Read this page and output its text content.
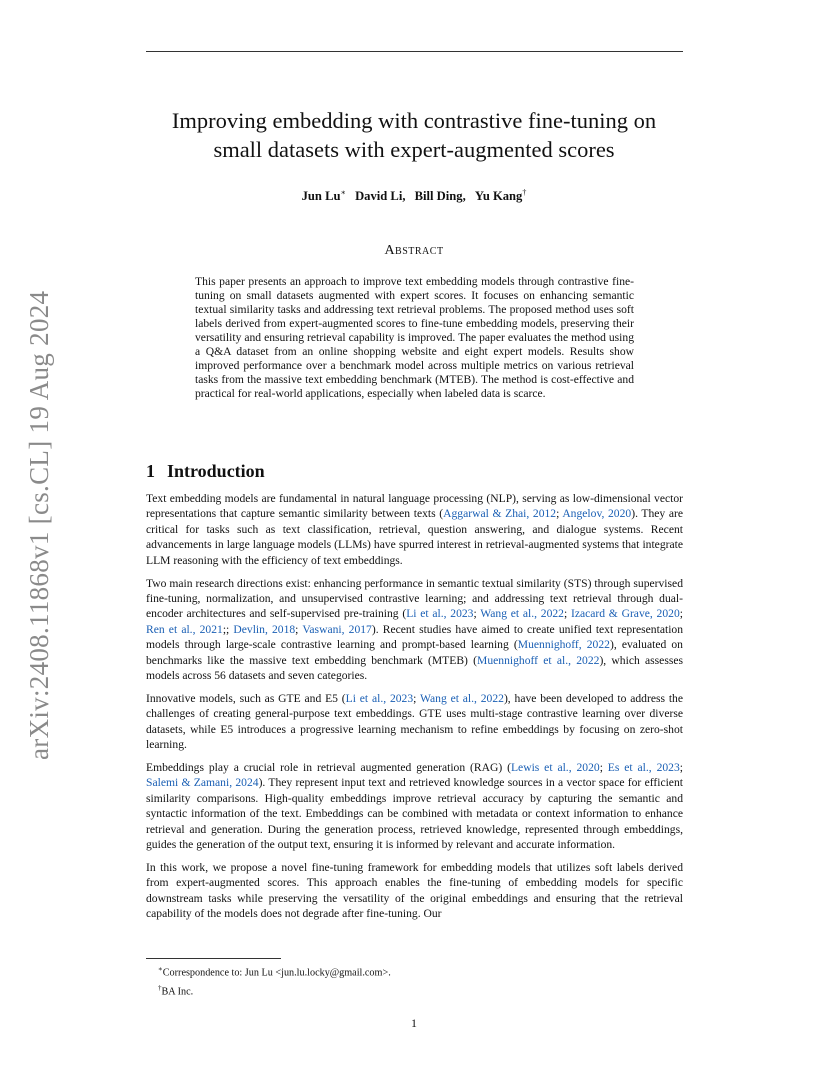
arXiv:2408.11868v1 [cs.CL] 19 Aug 2024
Improving embedding with contrastive fine-tuning on
small datasets with expert-augmented scores
Jun Lu∗ David Li, Bill Ding, Yu Kang†
Abstract

This paper presents an approach to improve text embedding models through contrastive fine-tuning on small datasets augmented with expert scores. It focuses on enhancing semantic textual similarity tasks and addressing text retrieval problems. The proposed method uses soft labels derived from expert-augmented scores to fine-tune embedding models, preserving their versatility and ensuring retrieval capability is improved. The paper evaluates the method using a Q&A dataset from an online shopping website and eight expert models. Results show improved performance over a benchmark model across multiple metrics on various retrieval tasks from the massive text embedding benchmark (MTEB). The method is cost-effective and practical for real-world applications, especially when labeled data is scarce.

1 Introduction

Text embedding models are fundamental in natural language processing (NLP), serving as low-dimensional vector representations that capture semantic similarity between texts (Aggarwal & Zhai, 2012; Angelov, 2020). They are critical for tasks such as text classification, retrieval, question answering, and dialogue systems. Recent advancements in large language models (LLMs) have spurred interest in retrieval-augmented systems that integrate LLM reasoning with the efficiency of text embeddings.

Two main research directions exist: enhancing performance in semantic textual similarity (STS) through supervised fine-tuning, normalization, and unsupervised contrastive learning; and addressing text retrieval through dual-encoder architectures and self-supervised pre-training (Li et al., 2023; Wang et al., 2022; Izacard & Grave, 2020; Ren et al., 2021;; Devlin, 2018; Vaswani, 2017). Recent studies have aimed to create unified text representation models through large-scale contrastive learning and prompt-based learning (Muennighoff, 2022), evaluated on benchmarks like the massive text embedding benchmark (MTEB) (Muennighoff et al., 2022), which assesses models across 56 datasets and seven categories.

Innovative models, such as GTE and E5 (Li et al., 2023; Wang et al., 2022), have been developed to address the challenges of creating general-purpose text embeddings. GTE uses multi-stage contrastive learning over diverse datasets, while E5 introduces a progressive learning mechanism to refine embeddings by focusing on zero-shot learning.

Embeddings play a crucial role in retrieval augmented generation (RAG) (Lewis et al., 2020; Es et al., 2023; Salemi & Zamani, 2024). They represent input text and retrieved knowledge sources in a vector space for efficient similarity comparisons. High-quality embeddings improve retrieval accuracy by capturing the semantic and syntactic information of the text. Embeddings can be combined with metadata or context information to enhance retrieval and generation. During the generation process, retrieved knowledge, represented through embeddings, guides the generation of the output text, ensuring it is informed by relevant and accurate information.

In this work, we propose a novel fine-tuning framework for embedding models that utilizes soft labels derived from expert-augmented scores. This approach enables the fine-tuning of embedding models for specific downstream tasks while preserving the versatility of the original embeddings and ensuring that the retrieval capability of the models does not degrade after fine-tuning. Our

∗Correspondence to: Jun Lu <jun.lu.locky@gmail.com>.
†BA Inc.
1
